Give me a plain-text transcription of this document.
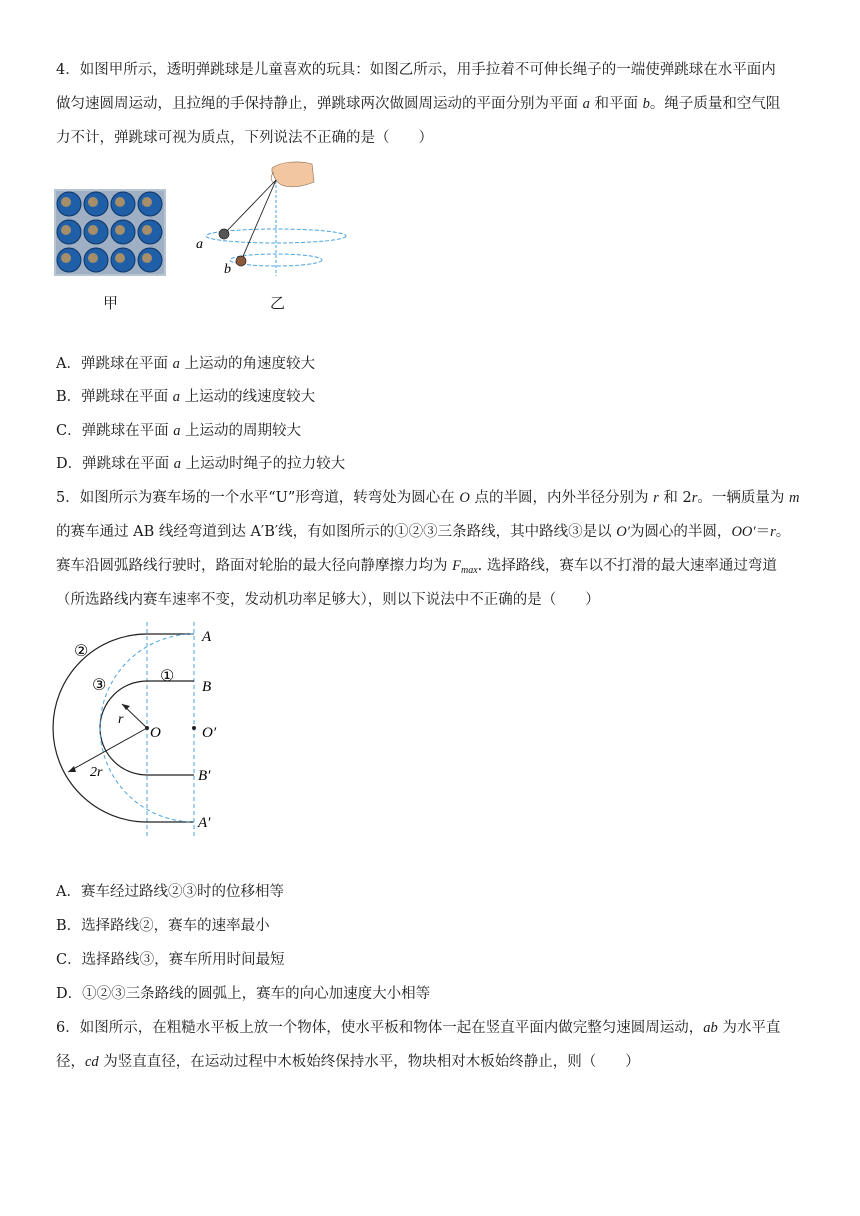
4．如图甲所示，透明弹跳球是儿童喜欢的玩具：如图乙所示，用手拉着不可伸长绳子的一端使弹跳球在水平面内
做匀速圆周运动，且拉绳的手保持静止，弹跳球两次做圆周运动的平面分别为平面 a 和平面 b。绳子质量和空气阻
力不计，弹跳球可视为质点，下列说法不正确的是（　　）
甲
a
b
乙
A．弹跳球在平面 a 上运动的角速度较大
B．弹跳球在平面 a 上运动的线速度较大
C．弹跳球在平面 a 上运动的周期较大
D．弹跳球在平面 a 上运动时绳子的拉力较大
5．如图所示为赛车场的一个水平“U”形弯道，转弯处为圆心在 O 点的半圆，内外半径分别为 r 和 2r。一辆质量为 m
的赛车通过 AB 线经弯道到达 A′B′线，有如图所示的①②③三条路线，其中路线③是以 O′为圆心的半圆，OO′＝r。
赛车沿圆弧路线行驶时，路面对轮胎的最大径向静摩擦力均为 $F_{max}$. 选择路线，赛车以不打滑的最大速率通过弯道
（所选路线内赛车速率不变，发动机功率足够大），则以下说法中不正确的是（　　）
A
B
O	O′
B′
A′
①
②
③
r
2r
A．赛车经过路线②③时的位移相等
B．选择路线②，赛车的速率最小
C．选择路线③，赛车所用时间最短
D．①②③三条路线的圆弧上，赛车的向心加速度大小相等
6．如图所示，在粗糙水平板上放一个物体，使水平板和物体一起在竖直平面内做完整匀速圆周运动，ab 为水平直
径，cd 为竖直直径，在运动过程中木板始终保持水平，物块相对木板始终静止，则（　　）
